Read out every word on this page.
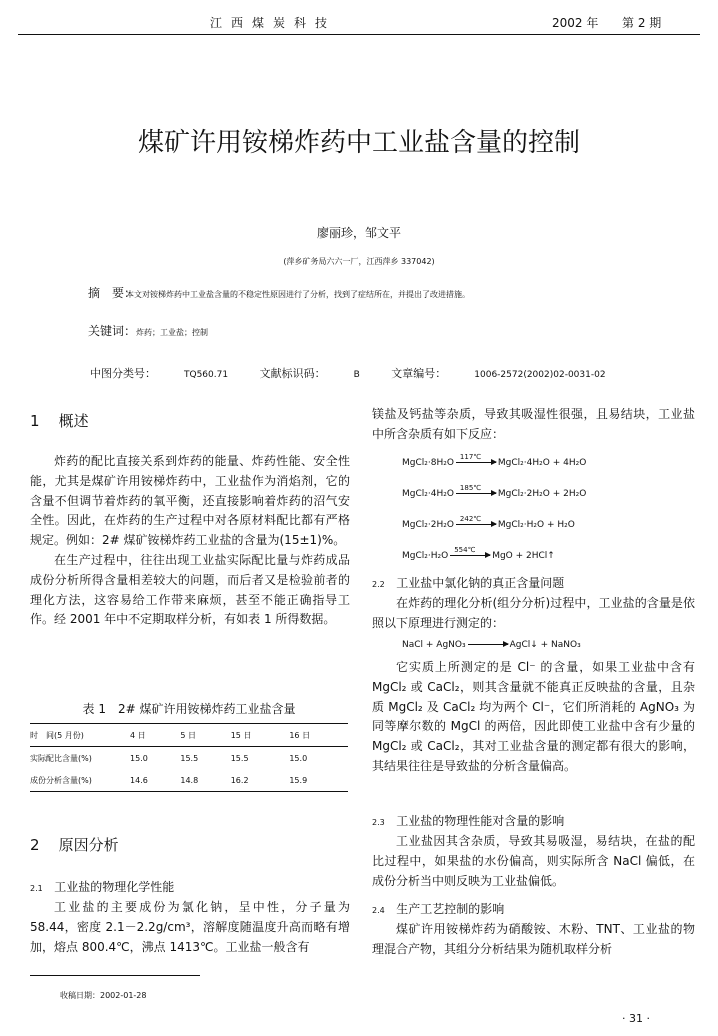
江西煤炭科技	2002 年 第 2 期
煤矿许用铵梯炸药中工业盐含量的控制
廖丽珍，邹文平
(萍乡矿务局六六一厂，江西萍乡 337042)
摘　要：
本文对铵梯炸药中工业盐含量的不稳定性原因进行了分析，找到了症结所在，并提出了改进措施。
关键词：炸药；工业盐；控制
中图分类号：	TQ560.71	文献标识码：	B	文章编号：	1006-2572(2002)02-0031-02
1 概述

炸药的配比直接关系到炸药的能量、炸药性能、安全性能，尤其是煤矿许用铵梯炸药中，工业盐作为消焰剂，它的含量不但调节着炸药的氧平衡，还直接影响着炸药的沼气安全性。因此，在炸药的生产过程中对各原材料配比都有严格规定。例如：2# 煤矿铵梯炸药工业盐的含量为(15±1)%。

在生产过程中，往往出现工业盐实际配比量与炸药成品成份分析所得含量相差较大的问题，而后者又是检验前者的理化方法，这容易给工作带来麻烦，甚至不能正确指导工作。经 2001 年中不定期取样分析，有如表 1 所得数据。

表 1　2# 煤矿许用铵梯炸药工业盐含量
时　间(5 月份)	4 日	5 日	15 日	16 日
实际配比含量(%)	15.0	15.5	15.5	15.0
成份分析含量(%)	14.6	14.8	16.2	15.9
2 原因分析
2.1 工业盐的物理化学性能

工业盐的主要成份为氯化钠，呈中性，分子量为 58.44，密度 2.1－2.2g/cm³，溶解度随温度升高而略有增加，熔点 800.4℃，沸点 1413℃。工业盐一般含有

收稿日期：2002-01-28

镁盐及钙盐等杂质，导致其吸湿性很强，且易结块，工业盐中所含杂质有如下反应：

MgCl₂·8H₂O
117℃
MgCl₂·4H₂O + 4H₂O
MgCl₂·4H₂O
185℃
MgCl₂·2H₂O + 2H₂O
MgCl₂·2H₂O
242℃
MgCl₂·H₂O + H₂O
MgCl₂·H₂O
554℃
MgO + 2HCl↑
2.2 工业盐中氯化钠的真正含量问题

在炸药的理化分析(组分分析)过程中，工业盐的含量是依照以下原理进行测定的：

NaCl + AgNO₃	AgCl↓ + NaNO₃

它实质上所测定的是 Cl⁻ 的含量，如果工业盐中含有 MgCl₂ 或 CaCl₂，则其含量就不能真正反映盐的含量，且杂质 MgCl₂ 及 CaCl₂ 均为两个 Cl⁻，它们所消耗的 AgNO₃ 为同等摩尔数的 MgCl 的两倍，因此即使工业盐中含有少量的 MgCl₂ 或 CaCl₂，其对工业盐含量的测定都有很大的影响，其结果往往是导致盐的分析含量偏高。

2.3 工业盐的物理性能对含量的影响

工业盐因其含杂质，导致其易吸湿，易结块，在盐的配比过程中，如果盐的水份偏高，则实际所含 NaCl 偏低，在成份分析当中则反映为工业盐偏低。

2.4 生产工艺控制的影响

煤矿许用铵梯炸药为硝酸铵、木粉、TNT、工业盐的物理混合产物，其组分分析结果为随机取样分析

· 31 ·
